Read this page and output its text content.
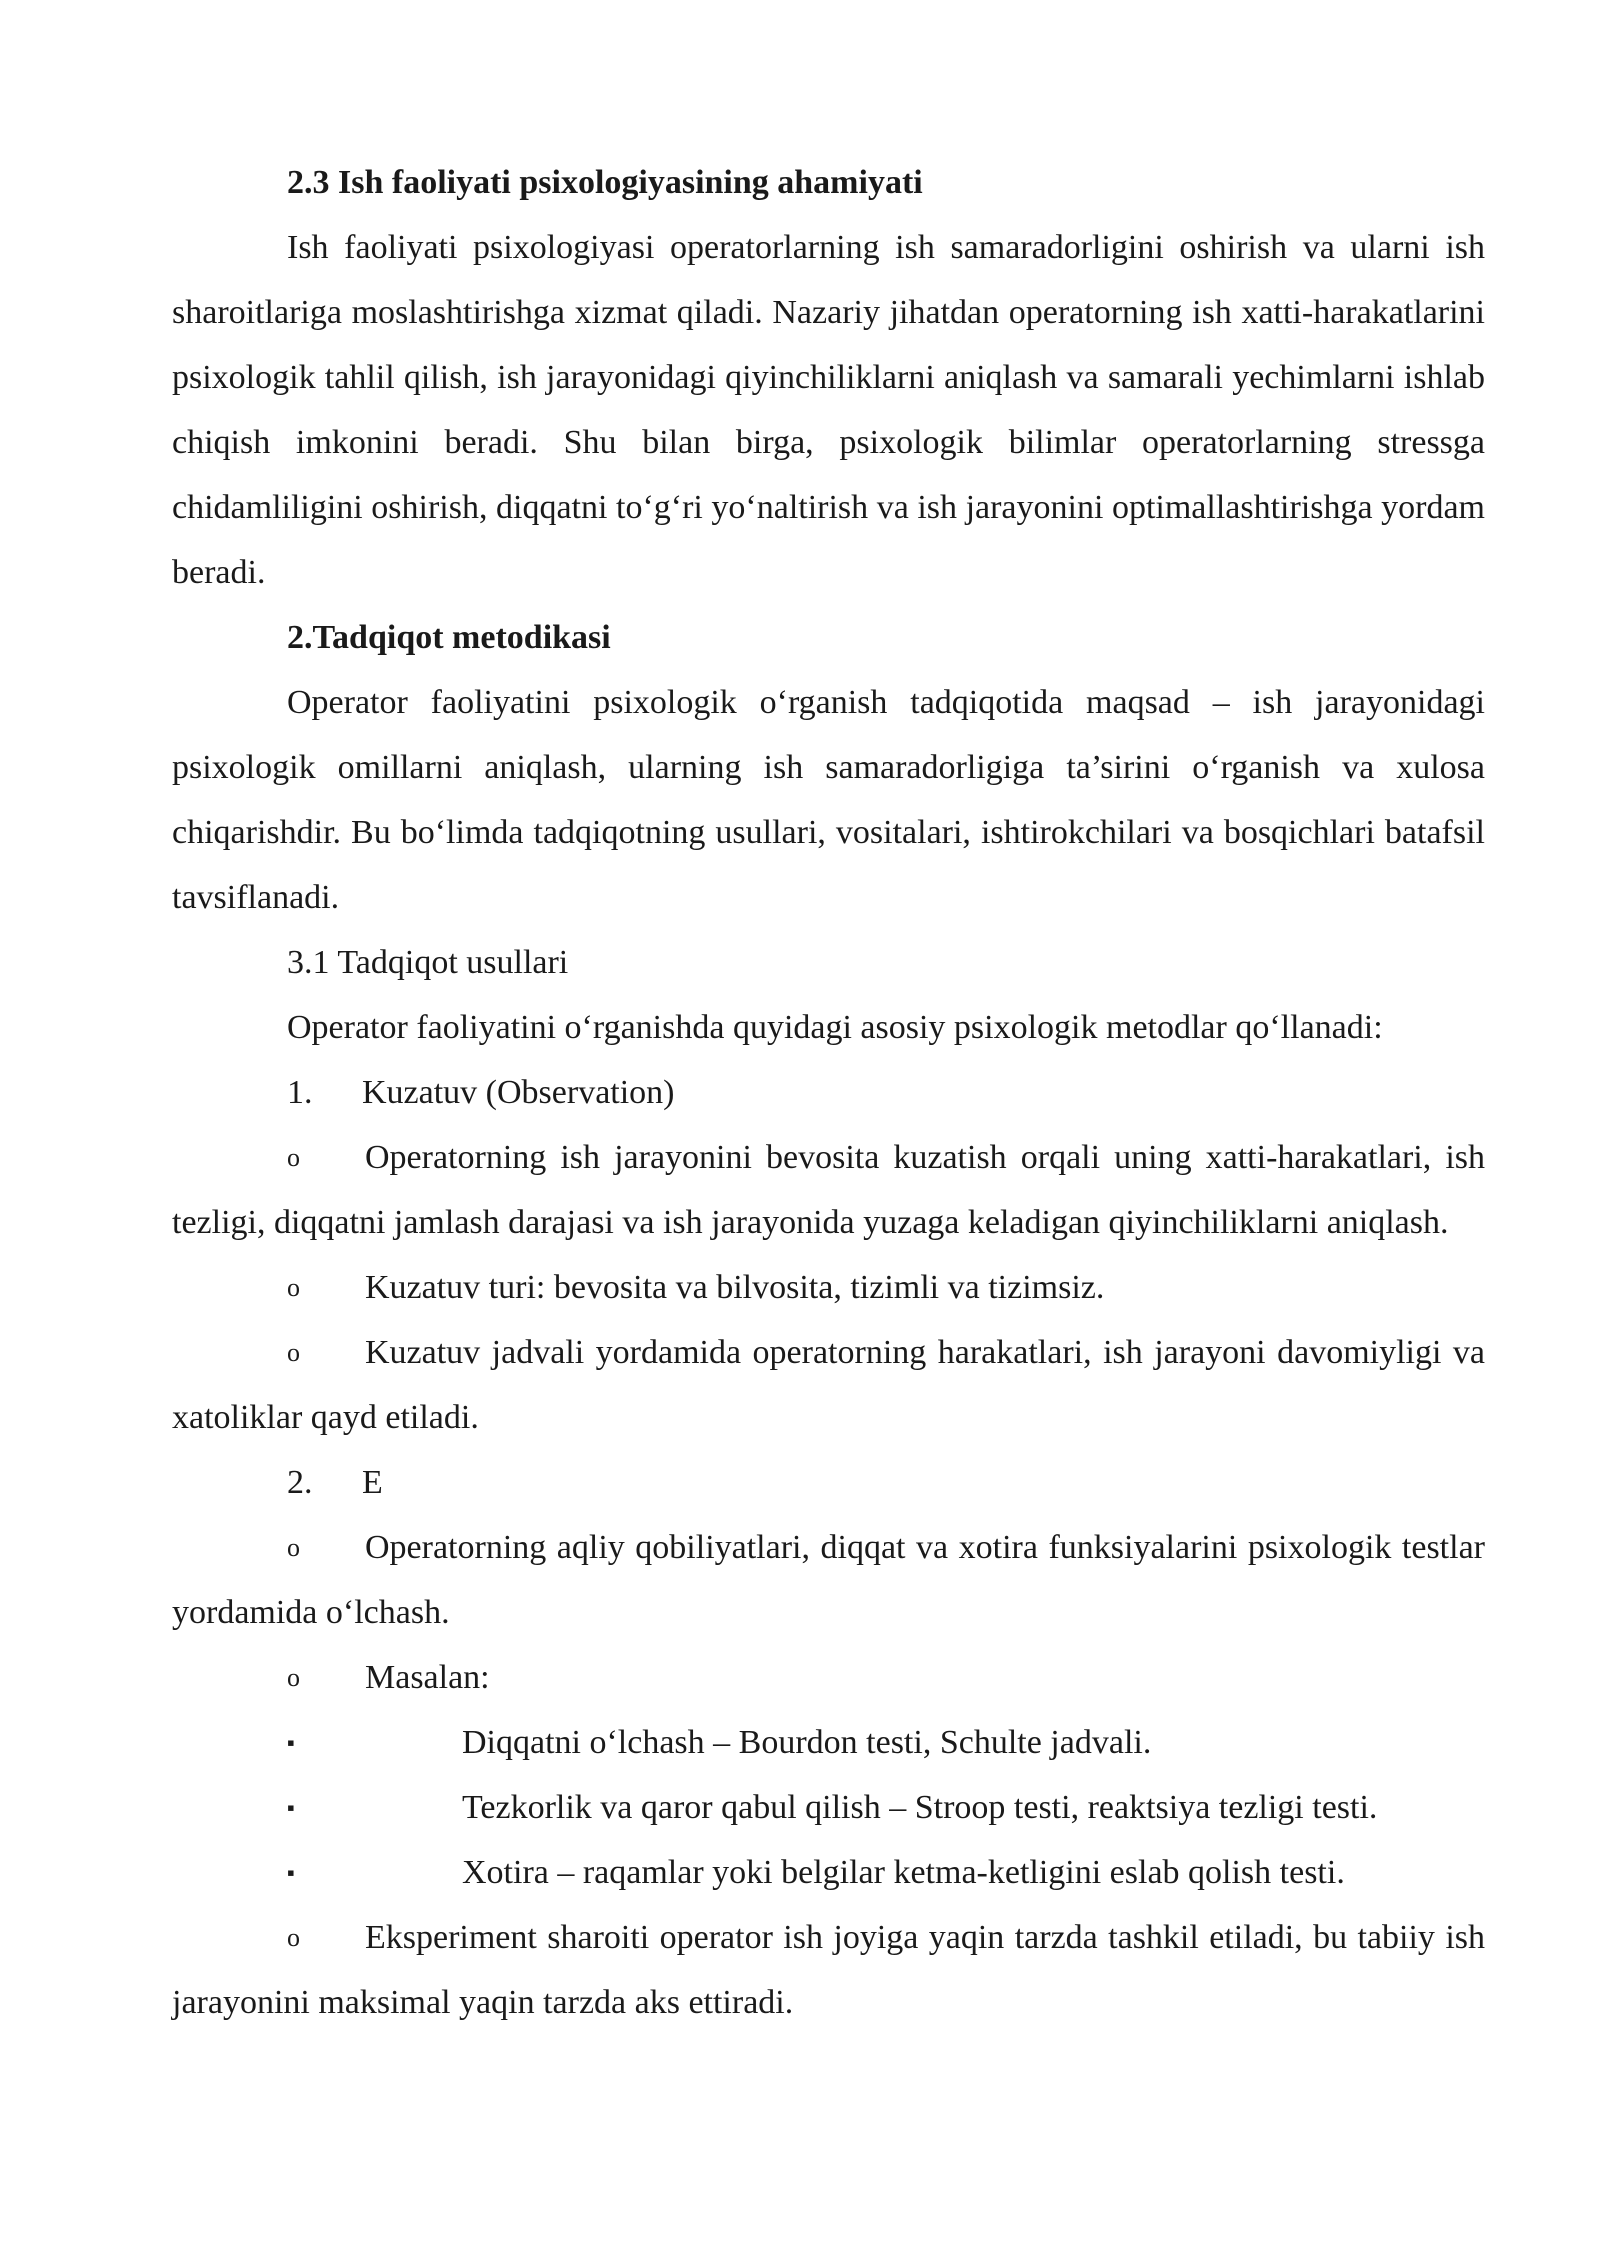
2.3 Ish faoliyati psixologiyasining ahamiyati

Ish faoliyati psixologiyasi operatorlarning ish samaradorligini oshirish va ularni ish sharoitlariga moslashtirishga xizmat qiladi. Nazariy jihatdan operatorning ish xatti-harakatlarini psixologik tahlil qilish, ish jarayonidagi qiyinchiliklarni aniqlash va samarali yechimlarni ishlab chiqish imkonini beradi. Shu bilan birga, psixologik bilimlar operatorlarning stressga chidamliligini oshirish, diqqatni to‘g‘ri yo‘naltirish va ish jarayonini optimallashtirishga yordam beradi.

2.Tadqiqot metodikasi

Operator faoliyatini psixologik o‘rganish tadqiqotida maqsad – ish jarayonidagi psixologik omillarni aniqlash, ularning ish samaradorligiga ta’sirini o‘rganish va xulosa chiqarishdir. Bu bo‘limda tadqiqotning usullari, vositalari, ishtirokchilari va bosqichlari batafsil tavsiflanadi.

3.1 Tadqiqot usullari

Operator faoliyatini o‘rganishda quyidagi asosiy psixologik metodlar qo‘llanadi:

1. Kuzatuv (Observation)

o Operatorning ish jarayonini bevosita kuzatish orqali uning xatti-harakatlari, ish tezligi, diqqatni jamlash darajasi va ish jarayonida yuzaga keladigan qiyinchiliklarni aniqlash.

o Kuzatuv turi: bevosita va bilvosita, tizimli va tizimsiz.

o Kuzatuv jadvali yordamida operatorning harakatlari, ish jarayoni davomiyligi va xatoliklar qayd etiladi.

2. E

o Operatorning aqliy qobiliyatlari, diqqat va xotira funksiyalarini psixologik testlar yordamida o‘lchash.

o Masalan:

▪	Diqqatni o‘lchash – Bourdon testi, Schulte jadvali.

▪	Tezkorlik va qaror qabul qilish – Stroop testi, reaktsiya tezligi testi.

▪	Xotira – raqamlar yoki belgilar ketma-ketligini eslab qolish testi.

o Eksperiment sharoiti operator ish joyiga yaqin tarzda tashkil etiladi, bu tabiiy ish jarayonini maksimal yaqin tarzda aks ettiradi.
